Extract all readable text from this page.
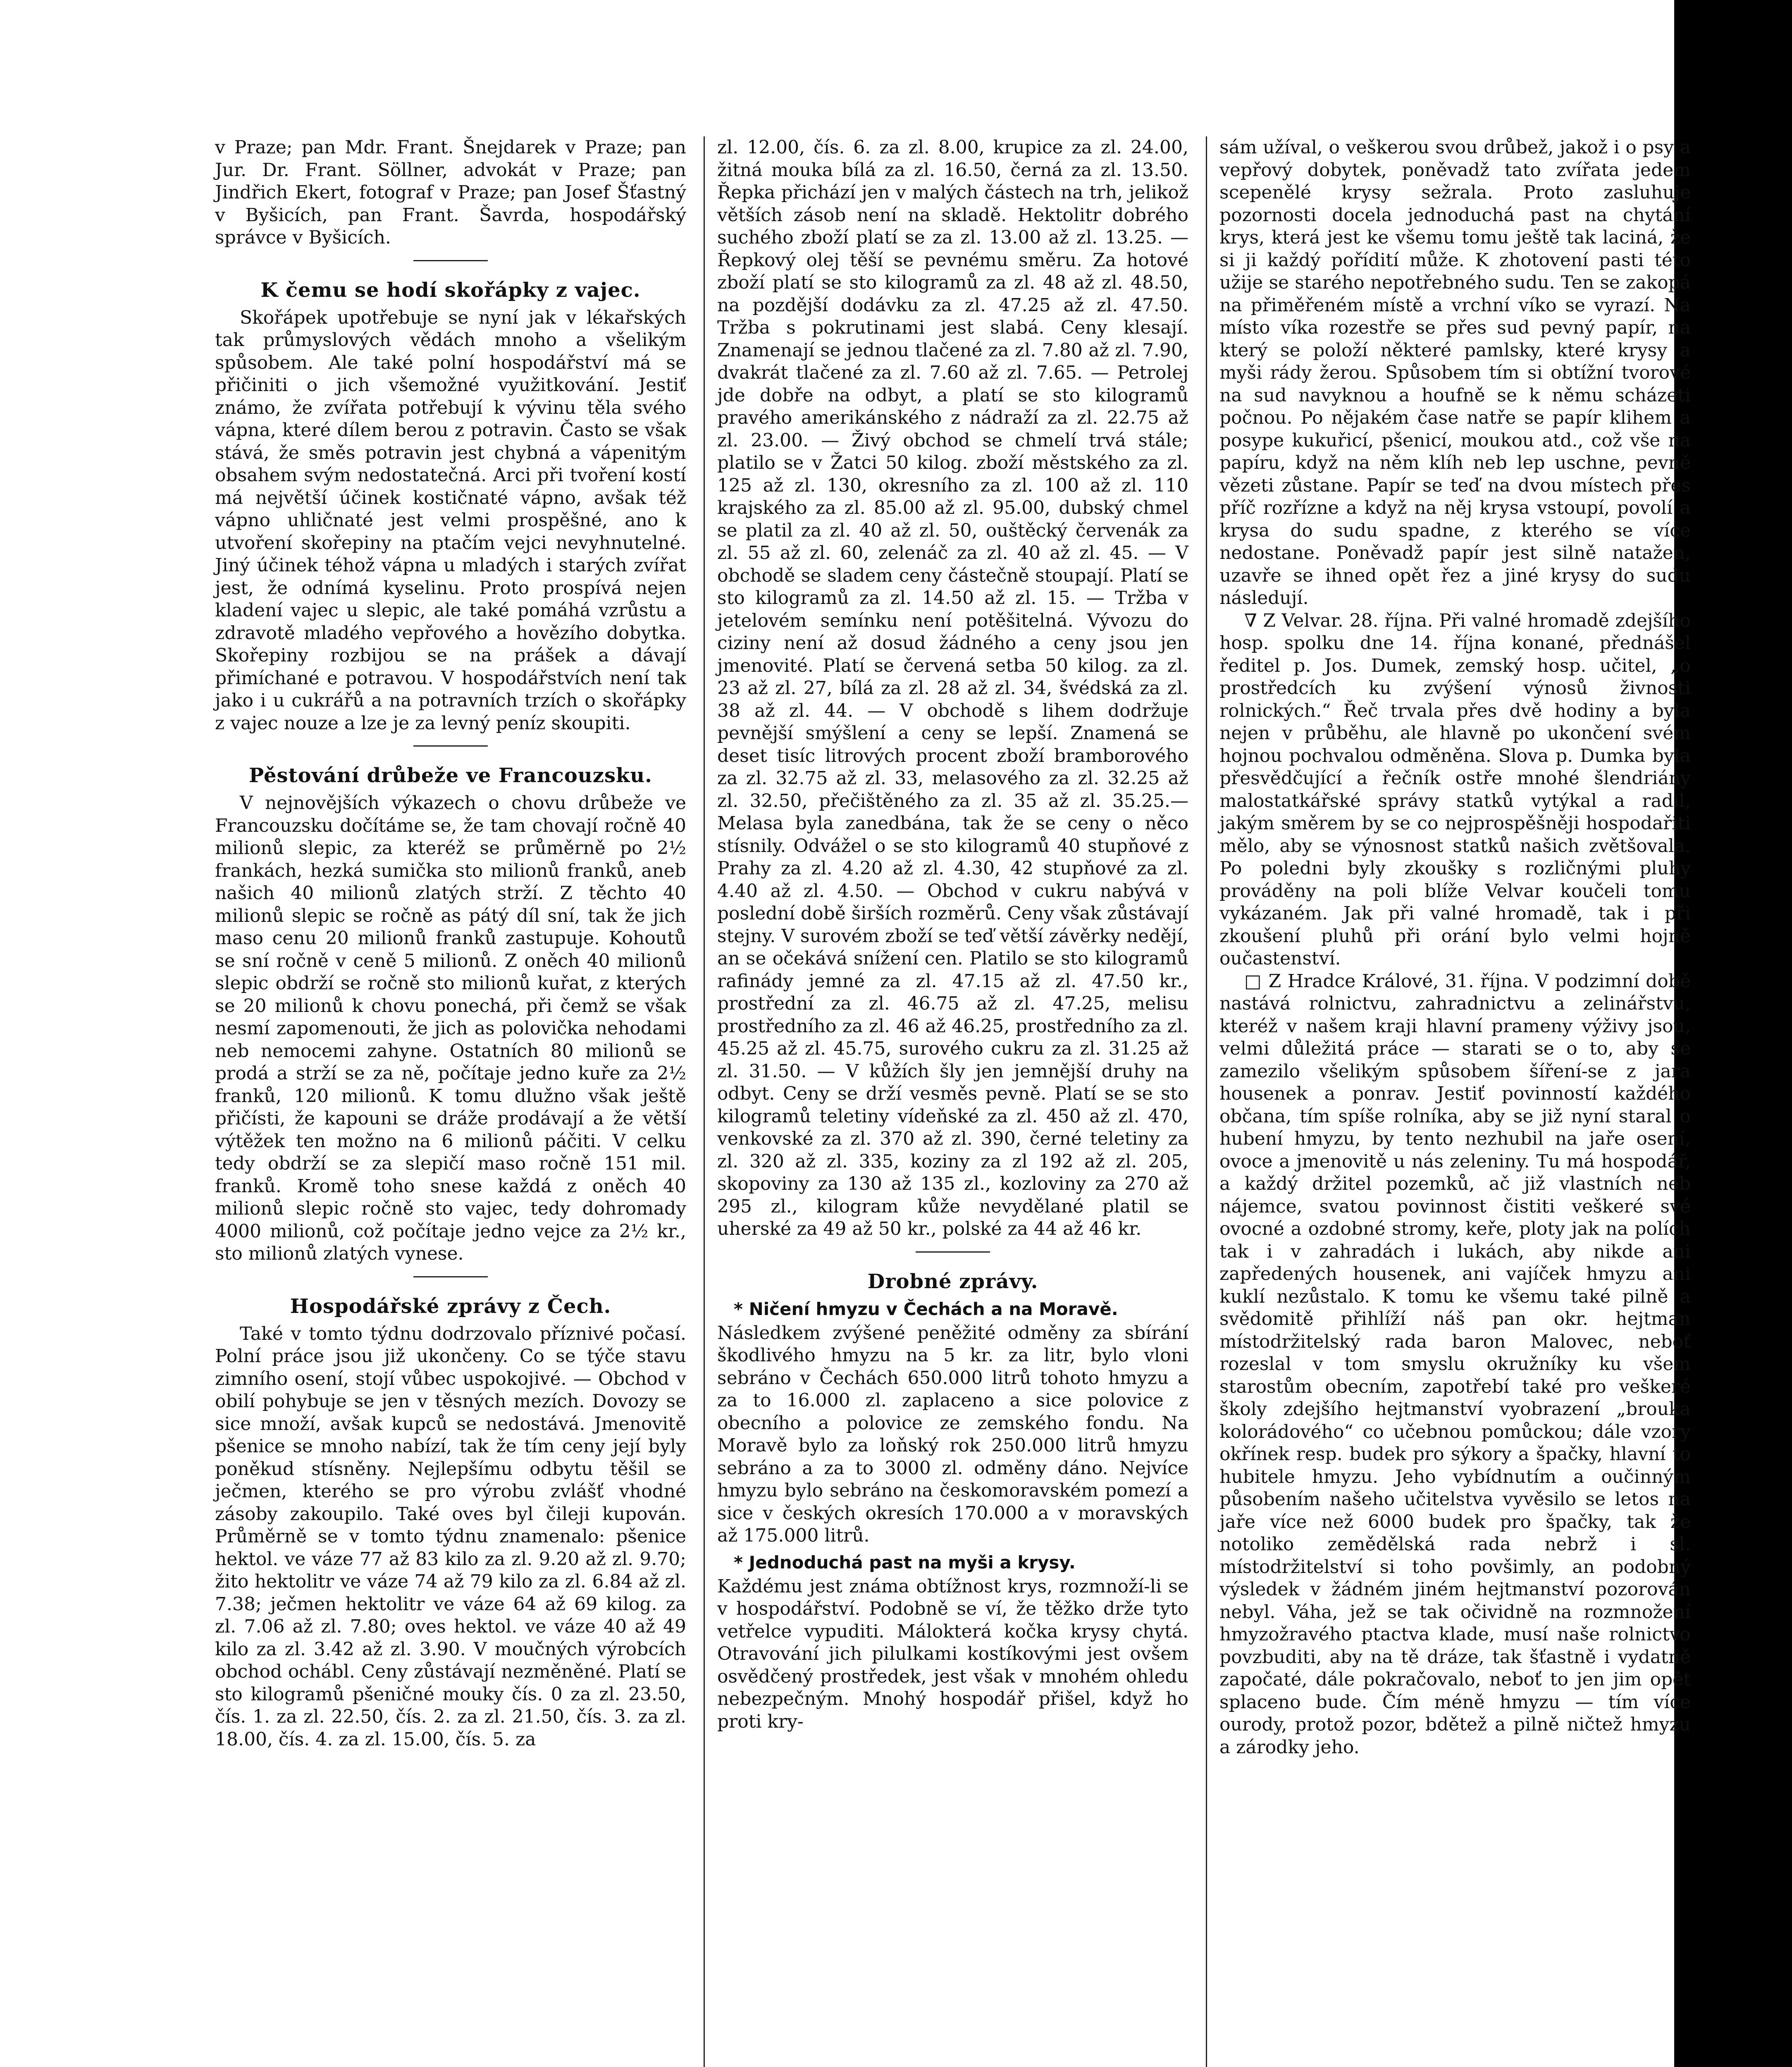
v Praze; pan Mdr. Frant. Šnejdarek v Praze; pan Jur. Dr. Frant. Söllner, advokát v Praze; pan Jindřich Ekert, fotograf v Praze; pan Josef Šťastný v Byšicích, pan Frant. Šavrda, hospodářský správce v Byšicích.

K čemu se hodí skořápky z vajec.

Skořápek upotřebuje se nyní jak v lékařských tak průmyslových vědách mnoho a všelikým spůsobem. Ale také polní hospodářství má se přičiniti o jich všemožné využitkování. Jestiť známo, že zvířata potřebují k vývinu těla svého vápna, které dílem berou z potravin. Často se však stává, že směs potravin jest chybná a vápenitým obsahem svým nedostatečná. Arci při tvoření kostí má největší účinek kostičnaté vápno, avšak též vápno uhličnaté jest velmi prospěšné, ano k utvoření skořepiny na ptačím vejci nevyhnutelné. Jiný účinek téhož vápna u mladých i starých zvířat jest, že odnímá kyselinu. Proto prospívá nejen kladení vajec u slepic, ale také pomáhá vzrůstu a zdravotě mladého vepřového a hovězího dobytka. Skořepiny rozbijou se na prášek a dávají přimíchané e potravou. V hospodářstvích není tak jako i u cukrářů a na potravních trzích o skořápky z vajec nouze a lze je za levný peníz skoupiti.

Pěstování drůbeže ve Francouzsku.

V nejnovějších výkazech o chovu drůbeže ve Francouzsku dočítáme se, že tam chovají ročně 40 milionů slepic, za kteréž se průměrně po 2½ frankách, hezká sumička sto milionů franků, aneb našich 40 milionů zlatých strží. Z těchto 40 milionů slepic se ročně as pátý díl sní, tak že jich maso cenu 20 milionů franků zastupuje. Kohoutů se sní ročně v ceně 5 milionů. Z oněch 40 milionů slepic obdrží se ročně sto milionů kuřat, z kterých se 20 milionů k chovu ponechá, při čemž se však nesmí zapomenouti, že jich as polovička nehodami neb nemocemi zahyne. Ostatních 80 milionů se prodá a strží se za ně, počítaje jedno kuře za 2½ franků, 120 milionů. K tomu dlužno však ještě přičísti, že kapouni se dráže prodávají a že větší výtěžek ten možno na 6 milionů páčiti. V celku tedy obdrží se za slepičí maso ročně 151 mil. franků. Kromě toho snese každá z oněch 40 milionů slepic ročně sto vajec, tedy dohromady 4000 milionů, což počítaje jedno vejce za 2½ kr., sto milionů zlatých vynese.

Hospodářské zprávy z Čech.

Také v tomto týdnu dodrzovalo příznivé počasí. Polní práce jsou již ukončeny. Co se týče stavu zimního osení, stojí vůbec uspokojivé. — Obchod v obilí pohybuje se jen v těsných mezích. Dovozy se sice množí, avšak kupců se nedostává. Jmenovitě pšenice se mnoho nabízí, tak že tím ceny její byly poněkud stísněny. Nejlepšímu odbytu těšil se ječmen, kterého se pro výrobu zvlášť vhodné zásoby zakoupilo. Také oves byl čileji kupován. Průměrně se v tomto týdnu znamenalo: pšenice hektol. ve váze 77 až 83 kilo za zl. 9.20 až zl. 9.70; žito hektolitr ve váze 74 až 79 kilo za zl. 6.84 až zl. 7.38; ječmen hektolitr ve váze 64 až 69 kilog. za zl. 7.06 až zl. 7.80; oves hektol. ve váze 40 až 49 kilo za zl. 3.42 až zl. 3.90. V moučných výrobcích obchod ochábl. Ceny zůstávají nezměněné. Platí se sto kilogramů pšeničné mouky čís. 0 za zl. 23.50, čís. 1. za zl. 22.50, čís. 2. za zl. 21.50, čís. 3. za zl. 18.00, čís. 4. za zl. 15.00, čís. 5. za

zl. 12.00, čís. 6. za zl. 8.00, krupice za zl. 24.00, žitná mouka bílá za zl. 16.50, černá za zl. 13.50. Řepka přichází jen v malých částech na trh, jelikož větších zásob není na skladě. Hektolitr dobrého suchého zboží platí se za zl. 13.00 až zl. 13.25. — Řepkový olej těší se pevnému směru. Za hotové zboží platí se sto kilogramů za zl. 48 až zl. 48.50, na pozdější dodávku za zl. 47.25 až zl. 47.50. Tržba s pokrutinami jest slabá. Ceny klesají. Znamenají se jednou tlačené za zl. 7.80 až zl. 7.90, dvakrát tlačené za zl. 7.60 až zl. 7.65. — Petrolej jde dobře na odbyt, a platí se sto kilogramů pravého amerikánského z nádraží za zl. 22.75 až zl. 23.00. — Živý obchod se chmelí trvá stále; platilo se v Žatci 50 kilog. zboží městského za zl. 125 až zl. 130, okresního za zl. 100 až zl. 110 krajského za zl. 85.00 až zl. 95.00, dubský chmel se platil za zl. 40 až zl. 50, ouštěcký červenák za zl. 55 až zl. 60, zelenáč za zl. 40 až zl. 45. — V obchodě se sladem ceny částečně stoupají. Platí se sto kilogramů za zl. 14.50 až zl. 15. — Tržba v jetelovém semínku není potěšitelná. Vývozu do ciziny není až dosud žádného a ceny jsou jen jmenovité. Platí se červená setba 50 kilog. za zl. 23 až zl. 27, bílá za zl. 28 až zl. 34, švédská za zl. 38 až zl. 44. — V obchodě s lihem dodržuje pevnější smýšlení a ceny se lepší. Znamená se deset tisíc litrových procent zboží bramborového za zl. 32.75 až zl. 33, melasového za zl. 32.25 až zl. 32.50, přečištěného za zl. 35 až zl. 35.25.— Melasa byla zanedbána, tak že se ceny o něco stísnily. Odvážel o se sto kilogramů 40 stupňové z Prahy za zl. 4.20 až zl. 4.30, 42 stupňové za zl. 4.40 až zl. 4.50. — Obchod v cukru nabývá v poslední době širších rozměrů. Ceny však zůstávají stejny. V surovém zboží se teď větší závěrky nedějí, an se očekává snížení cen. Platilo se sto kilogramů rafinády jemné za zl. 47.15 až zl. 47.50 kr., prostřední za zl. 46.75 až zl. 47.25, melisu prostředního za zl. 46 až 46.25, prostředního za zl. 45.25 až zl. 45.75, surového cukru za zl. 31.25 až zl. 31.50. — V kůžích šly jen jemnější druhy na odbyt. Ceny se drží vesměs pevně. Platí se se sto kilogramů teletiny vídeňské za zl. 450 až zl. 470, venkovské za zl. 370 až zl. 390, černé teletiny za zl. 320 až zl. 335, koziny za zl 192 až zl. 205, skopoviny za 130 až 135 zl., kozloviny za 270 až 295 zl., kilogram kůže nevydělané platil se uherské za 49 až 50 kr., polské za 44 až 46 kr.

Drobné zprávy.
* Ničení hmyzu v Čechách a na Moravě.

Následkem zvýšené peněžité odměny za sbírání škodlivého hmyzu na 5 kr. za litr, bylo vloni sebráno v Čechách 650.000 litrů tohoto hmyzu a za to 16.000 zl. zaplaceno a sice polovice z obecního a polovice ze zemského fondu. Na Moravě bylo za loňský rok 250.000 litrů hmyzu sebráno a za to 3000 zl. odměny dáno. Nejvíce hmyzu bylo sebráno na českomoravském pomezí a sice v českých okresích 170.000 a v moravských až 175.000 litrů.

* Jednoduchá past na myši a krysy.

Každému jest známa obtížnost krys, rozmnoží-li se v hospodářství. Podobně se ví, že těžko drže tyto vetřelce vypuditi. Málokterá kočka krysy chytá. Otravování jich pilulkami kostíkovými jest ovšem osvědčený prostředek, jest však v mnohém ohledu nebezpečným. Mnohý hospodář přišel, když ho proti kry-

sám užíval, o veškerou svou drůbež, jakož i o psy a vepřový dobytek, poněvadž tato zvířata jedem scepenělé krysy sežrala. Proto zasluhuje pozornosti docela jednoduchá past na chytání krys, která jest ke všemu tomu ještě tak laciná, že si ji každý pořídití může. K zhotovení pasti této užije se starého nepotřebného sudu. Ten se zakopá na přiměřeném místě a vrchní víko se vyrazí. Na místo víka rozestře se přes sud pevný papír, na který se položí některé pamlsky, které krysy a myši rády žerou. Spůsobem tím si obtížní tvorové na sud navyknou a houfně se k němu scházeti počnou. Po nějakém čase natře se papír klihem a posype kukuřicí, pšenicí, moukou atd., což vše na papíru, když na něm klíh neb lep uschne, pevně vězeti zůstane. Papír se teď na dvou místech přes příč rozřízne a když na něj krysa vstoupí, povolí a krysa do sudu spadne, z kterého se více nedostane. Poněvadž papír jest silně natažen, uzavře se ihned opět řez a jiné krysy do sudu následují.

∇ Z Velvar. 28. října. Při valné hromadě zdejšího hosp. spolku dne 14. října konané, přednášel ředitel p. Jos. Dumek, zemský hosp. učitel, „o prostředcích ku zvýšení výnosů živnosti rolnických.“ Řeč trvala přes dvě hodiny a byla nejen v průběhu, ale hlavně po ukončení svém hojnou pochvalou odměněna. Slova p. Dumka byla přesvědčující a řečník ostře mnohé šlendriány malostatkářské správy statků vytýkal a radil, jakým směrem by se co nejprospěšněji hospodařiti mělo, aby se výnosnost statků našich zvětšovala. Po poledni byly zkoušky s rozličnými pluhy prováděny na poli blíže Velvar koučeli tomu vykázaném. Jak při valné hromadě, tak i při zkoušení pluhů při orání bylo velmi hojně oučastenství.

□ Z Hradce Králové, 31. října. V podzimní době nastává rolnictvu, zahradnictvu a zelinářstvu, kteréž v našem kraji hlavní prameny výživy jsou, velmi důležitá práce — starati se o to, aby se zamezilo všelikým spůsobem šíření-se z jara housenek a ponrav. Jestiť povinností každého občana, tím spíše rolníka, aby se již nyní staral o hubení hmyzu, by tento nezhubil na jaře osení, ovoce a jmenovitě u nás zeleniny. Tu má hospodář, a každý držitel pozemků, ač již vlastních neb nájemce, svatou povinnost čistiti veškeré své ovocné a ozdobné stromy, keře, ploty jak na polích tak i v zahradách i lukách, aby nikde ani zapředených housenek, ani vajíček hmyzu ani kuklí nezůstalo. K tomu ke všemu také pilně a svědomitě přihlíží náš pan okr. hejtman místodržitelský rada baron Malovec, neboť rozeslal v tom smyslu okružníky ku všem starostům obecním, zapotřebí také pro veškeré školy zdejšího hejtmanství vyobrazení „brouka kolorádového“ co učebnou pomůckou; dále vzory okřínek resp. budek pro sýkory a špačky, hlavní to hubitele hmyzu. Jeho vybídnutím a oučinným působením našeho učitelstva vyvěsilo se letos na jaře více než 6000 budek pro špačky, tak že notoliko zemědělská rada nebrž i sl. místodržitelství si toho povšimly, an podobný výsledek v žádném jiném hejtmanství pozorován nebyl. Váha, jež se tak očividně na rozmnožení hmyzožravého ptactva klade, musí naše rolnictvo povzbuditi, aby na tě dráze, tak šťastně i vydatně započaté, dále pokračovalo, neboť to jen jim opět splaceno bude. Čím méně hmyzu — tím více ourody, protož pozor, bdětež a pilně ničtež hmyzu a zárodky jeho.
